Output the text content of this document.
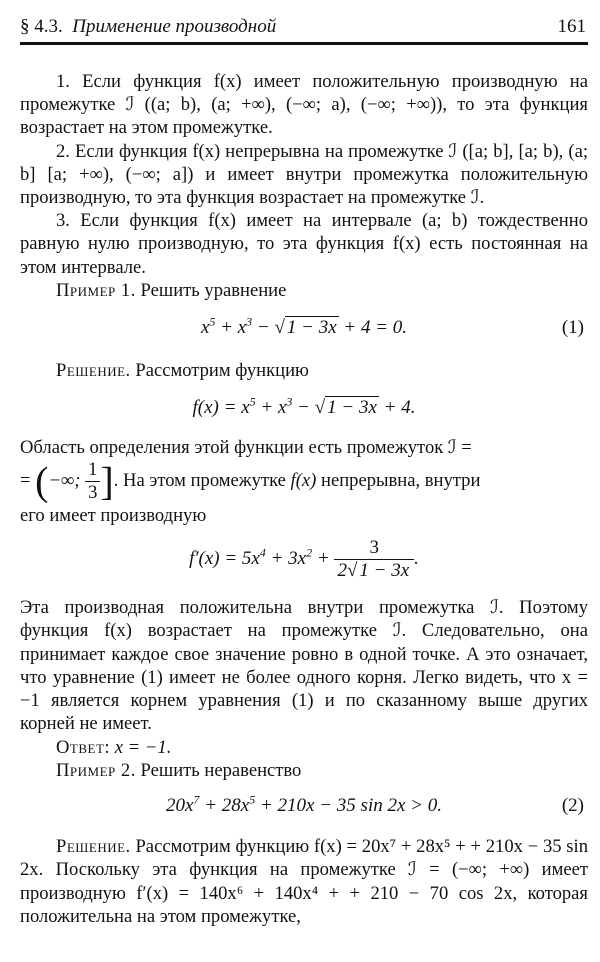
§ 4.3. Применение производной	161

1. Если функция f(x) имеет положительную производную на промежутке ℐ ((a; b), (a; +∞), (−∞; a), (−∞; +∞)), то эта функция возрастает на этом промежутке.

2. Если функция f(x) непрерывна на промежутке ℐ ([a; b], [a; b), (a; b] [a; +∞), (−∞; a]) и имеет внутри промежутка положительную производную, то эта функция возрастает на промежутке ℐ.

3. Если функция f(x) имеет на интервале (a; b) тождественно равную нулю производную, то эта функция f(x) есть постоянная на этом интервале.

Пример 1. Решить уравнение

$x^5 + x^3$ − √ 1 − 3x + 4 = 0.	(1)

Решение. Рассмотрим функцию

$f(x) = x^5 + x^3$ − √ 1 − 3x + 4.

Область определения этой функции есть промежуток ℐ =

= (−∞; $\frac{1}{3}$ ]. На этом промежутке f(x) непрерывна, внутри

его имеет производную

$f'(x) = 5x^4 + 3x^2 + \frac{3}{2√ 1 - 3x}$ .

Эта производная положительна внутри промежутка ℐ. Поэтому функция f(x) возрастает на промежутке ℐ. Следовательно, она принимает каждое свое значение ровно в одной точке. А это означает, что уравнение (1) имеет не более одного корня. Легко видеть, что x = −1 является корнем уравнения (1) и по сказанному выше других корней не имеет.

Ответ: x = −1.

Пример 2. Решить неравенство

$20x^7 + 28x^5 + 210x - 35$ sin 2x > 0.	(2)

Решение. Рассмотрим функцию f(x) = 20x⁷ + 28x⁵ + + 210x − 35 sin 2x. Поскольку эта функция на промежутке ℐ = (−∞; +∞) имеет производную f′(x) = 140x⁶ + 140x⁴ + + 210 − 70 cos 2x, которая положительна на этом промежутке,
